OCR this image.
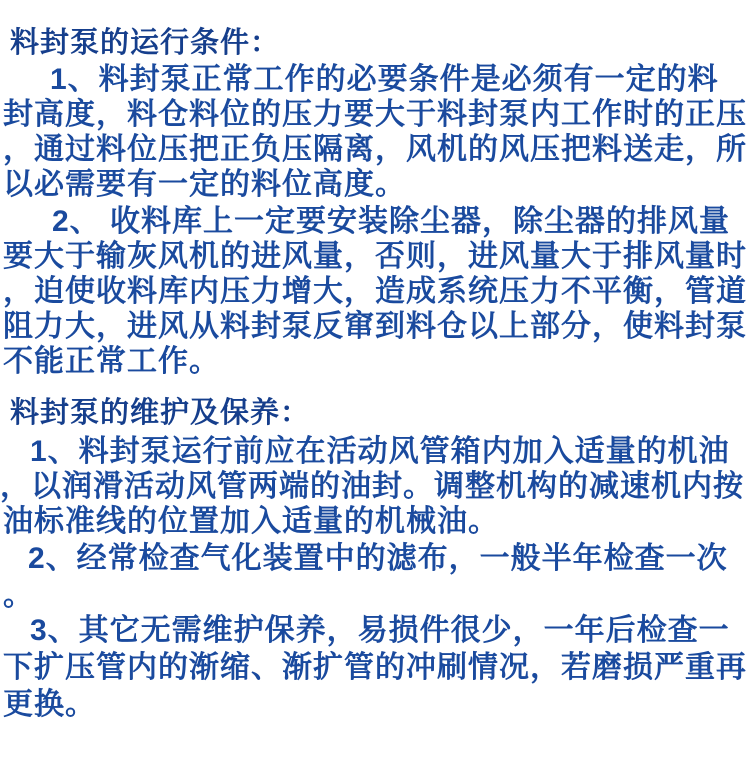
料封泵的运行条件：
1、料封泵正常工作的必要条件是必须有一定的料
封高度，料仓料位的压力要大于料封泵内工作时的正压
，通过料位压把正负压隔离，风机的风压把料送走，所
以必需要有一定的料位高度。
2、 收料库上一定要安装除尘器，除尘器的排风量
要大于输灰风机的进风量，否则，进风量大于排风量时
，迫使收料库内压力增大，造成系统压力不平衡，管道
阻力大，进风从料封泵反窜到料仓以上部分，使料封泵
不能正常工作。
料封泵的维护及保养：
1、料封泵运行前应在活动风管箱内加入适量的机油
，以润滑活动风管两端的油封。调整机构的减速机内按
油标准线的位置加入适量的机械油。
2、经常检查气化装置中的滤布，一般半年检查一次
。
3、其它无需维护保养，易损件很少，一年后检查一
下扩压管内的渐缩、渐扩管的冲刷情况，若磨损严重再
更换。
